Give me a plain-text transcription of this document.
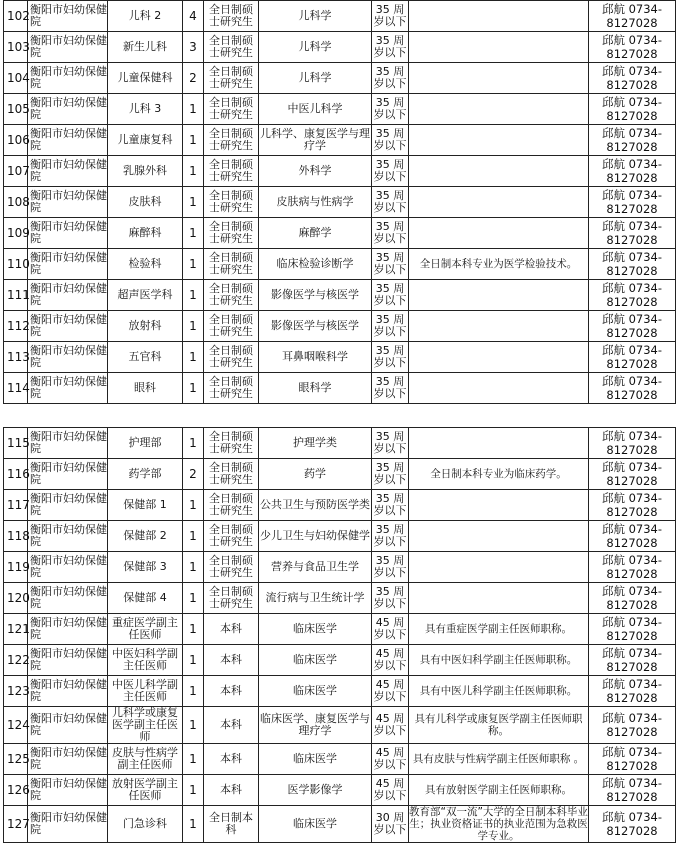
102	衡阳市妇幼保健院	儿科 2	4	全日制硕士研究生	儿科学	35 周岁以下		邱航 0734-8127028
103	衡阳市妇幼保健院	新生儿科	3	全日制硕士研究生	儿科学	35 周岁以下		邱航 0734-8127028
104	衡阳市妇幼保健院	儿童保健科	2	全日制硕士研究生	儿科学	35 周岁以下		邱航 0734-8127028
105	衡阳市妇幼保健院	儿科 3	1	全日制硕士研究生	中医儿科学	35 周岁以下		邱航 0734-8127028
106	衡阳市妇幼保健院	儿童康复科	1	全日制硕士研究生	儿科学、康复医学与理疗学	35 周岁以下		邱航 0734-8127028
107	衡阳市妇幼保健院	乳腺外科	1	全日制硕士研究生	外科学	35 周岁以下		邱航 0734-8127028
108	衡阳市妇幼保健院	皮肤科	1	全日制硕士研究生	皮肤病与性病学	35 周岁以下		邱航 0734-8127028
109	衡阳市妇幼保健院	麻醉科	1	全日制硕士研究生	麻醉学	35 周岁以下		邱航 0734-8127028
110	衡阳市妇幼保健院	检验科	1	全日制硕士研究生	临床检验诊断学	35 周岁以下	全日制本科专业为医学检验技术。	邱航 0734-8127028
111	衡阳市妇幼保健院	超声医学科	1	全日制硕士研究生	影像医学与核医学	35 周岁以下		邱航 0734-8127028
112	衡阳市妇幼保健院	放射科	1	全日制硕士研究生	影像医学与核医学	35 周岁以下		邱航 0734-8127028
113	衡阳市妇幼保健院	五官科	1	全日制硕士研究生	耳鼻咽喉科学	35 周岁以下		邱航 0734-8127028
114	衡阳市妇幼保健院	眼科	1	全日制硕士研究生	眼科学	35 周岁以下		邱航 0734-8127028
115	衡阳市妇幼保健院	护理部	1	全日制硕士研究生	护理学类	35 周岁以下		邱航 0734-8127028
116	衡阳市妇幼保健院	药学部	2	全日制硕士研究生	药学	35 周岁以下	全日制本科专业为临床药学。	邱航 0734-8127028
117	衡阳市妇幼保健院	保健部 1	1	全日制硕士研究生	公共卫生与预防医学类	35 周岁以下		邱航 0734-8127028
118	衡阳市妇幼保健院	保健部 2	1	全日制硕士研究生	少儿卫生与妇幼保健学	35 周岁以下		邱航 0734-8127028
119	衡阳市妇幼保健院	保健部 3	1	全日制硕士研究生	营养与食品卫生学	35 周岁以下		邱航 0734-8127028
120	衡阳市妇幼保健院	保健部 4	1	全日制硕士研究生	流行病与卫生统计学	35 周岁以下		邱航 0734-8127028
121	衡阳市妇幼保健院	重症医学副主任医师	1	本科	临床医学	45 周岁以下	具有重症医学副主任医师职称。	邱航 0734-8127028
122	衡阳市妇幼保健院	中医妇科学副主任医师	1	本科	临床医学	45 周岁以下	具有中医妇科学副主任医师职称。	邱航 0734-8127028
123	衡阳市妇幼保健院	中医儿科学副主任医师	1	本科	临床医学	45 周岁以下	具有中医儿科学副主任医师职称。	邱航 0734-8127028
124	衡阳市妇幼保健院	儿科学或康复医学副主任医师	1	本科	临床医学、康复医学与理疗学	45 周岁以下	具有儿科学或康复医学副主任医师职称。	邱航 0734-8127028
125	衡阳市妇幼保健院	皮肤与性病学副主任医师	1	本科	临床医学	45 周岁以下	具有皮肤与性病学副主任医师职称 。	邱航 0734-8127028
126	衡阳市妇幼保健院	放射医学副主任医师	1	本科	医学影像学	45 周岁以下	具有放射医学副主任医师职称。	邱航 0734-8127028
127	衡阳市妇幼保健院	门急诊科	1	全日制本科	临床医学	30 周岁以下	教育部“双一流”大学的全日制本科毕业生；执业资格证书的执业范围为急救医学专业。	邱航 0734-8127028
